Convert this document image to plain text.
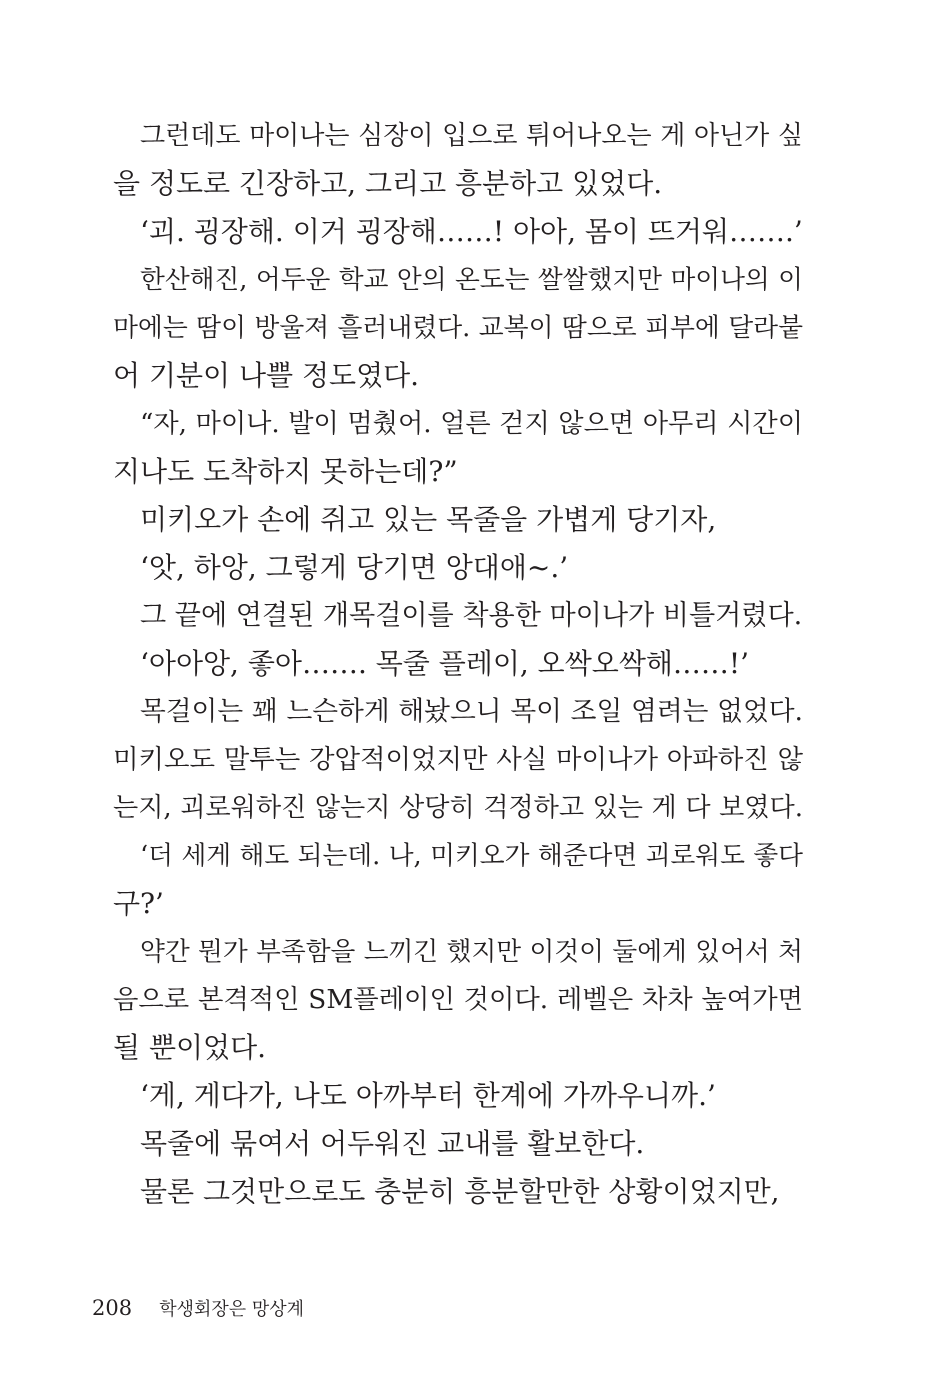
그런데도 마이나는 심장이 입으로 튀어나오는 게 아닌가 싶
을 정도로 긴장하고, 그리고 흥분하고 있었다.
‘괴. 굉장해. 이거 굉장해……! 아아, 몸이 뜨거워…….’
한산해진, 어두운 학교 안의 온도는 쌀쌀했지만 마이나의 이
마에는 땀이 방울져 흘러내렸다. 교복이 땀으로 피부에 달라붙
어 기분이 나쁠 정도였다.
“자, 마이나. 발이 멈췄어. 얼른 걷지 않으면 아무리 시간이
지나도 도착하지 못하는데?”
미키오가 손에 쥐고 있는 목줄을 가볍게 당기자,
‘앗, 하앙, 그렇게 당기면 앙대애~.’
그 끝에 연결된 개목걸이를 착용한 마이나가 비틀거렸다.
‘아아앙, 좋아……. 목줄 플레이, 오싹오싹해……!’
목걸이는 꽤 느슨하게 해놨으니 목이 조일 염려는 없었다.
미키오도 말투는 강압적이었지만 사실 마이나가 아파하진 않
는지, 괴로워하진 않는지 상당히 걱정하고 있는 게 다 보였다.
‘더 세게 해도 되는데. 나, 미키오가 해준다면 괴로워도 좋다
구?’
약간 뭔가 부족함을 느끼긴 했지만 이것이 둘에게 있어서 처
음으로 본격적인 SM플레이인 것이다. 레벨은 차차 높여가면
될 뿐이었다.
‘게, 게다가, 나도 아까부터 한계에 가까우니까.’
목줄에 묶여서 어두워진 교내를 활보한다.
물론 그것만으로도 충분히 흥분할만한 상황이었지만,
208 학생회장은 망상계
